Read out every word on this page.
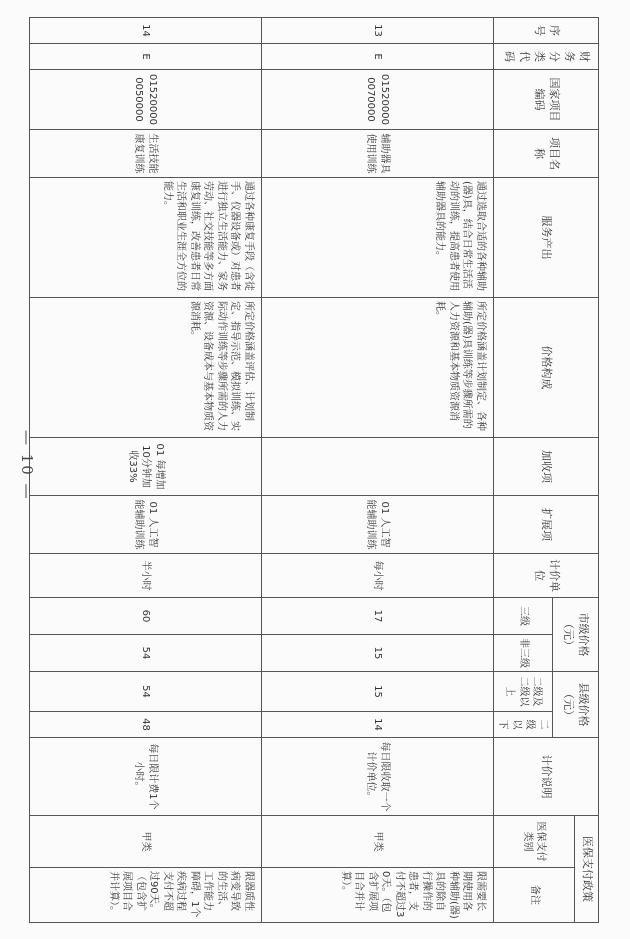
序号	财务分类代码	国家项目编码	项目名称	服务产出	价格构成	加收项	扩展项	计价单位	市级价格（元）		县级价格（元）		计价说明	医保支付政策	
														医保支付类别	备注
									三级	非三级	二级及二级以上	二级以下			
13	E	015200000070000	辅助器具使用训练	通过选取合适的各种辅助(器)具，结合日常生活活动的训练，提高患者使用辅助器具的能力。	所定价格涵盖计划制定、各种辅助(器)具训练等步骤所需的人力资源和基本物质资源消耗。		01 人工智能辅助训练	每小时	17	15	15	14	每日限收取一个计价单位。	甲类	限需要长期使用各种辅助(器)具的除自行操作的患者，支付不超过30天。（包含扩展项目合并计算）。
14	E	015200000050000	生活技能康复训练	通过各种康复手段（含徒手、仪器设备或）对患者进行独立生活能力、家务劳动、社交技能等多方面康复训练，改善患者日常生活和职业生涯全方位的能力。	所定价格涵盖评估、计划制定、指导示范、模拟训练、实际动作训练等步骤所需的人力资源、设备成本与基本物质资源消耗。	01 每增加10分钟加收33%	01 人工智能辅助训练	半小时	60	54	54	48	每日限计费1个小时。	甲类	限器质性病变导致的生活、工作能力障碍，1个疾病过程支付不超过90天。（包含扩展项目合并计算）。
— 10 —
